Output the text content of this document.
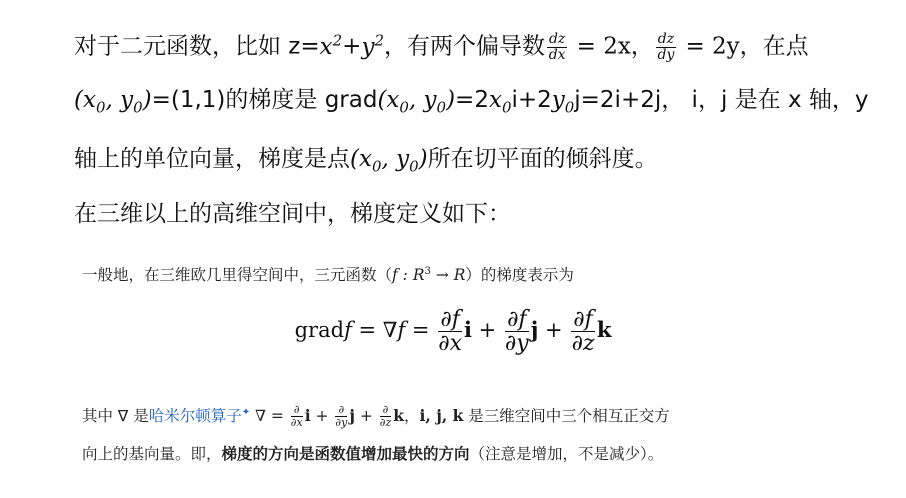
对于二元函数，比如 $z=x^2+y^2$，有两个偏导数 $\frac{dz}{dx} = 2x$， $\frac{dz}{dy} = 2y$，在点
($x_0$, $y_0)=(1,1)$的梯度是 $grad(x_0$, $y_0)=2x_0i+2y_0j=2i+2j$， i，j 是在 x 轴，y
轴上的单位向量，梯度是点($x_0$, $y_0$)所在切平面的倾斜度。
在三维以上的高维空间中，梯度定义如下：
一般地，在三维欧几里得空间中，三元函数（f : $R^3 \to R$）的梯度表示为
gradf = $\nabla f = \frac{\partial f}{\partial x}$ $i + \frac{\partial f}{\partial y}$ $j + \frac{\partial f}{\partial z}$ k
其中 ∇ 是哈米尔顿算子✦ ∇ = $\frac{\partial}{\partial x}$ $i + \frac{\partial}{\partial y}$ $j + \frac{\partial}{\partial z}$ k，i, j, k 是三维空间中三个相互正交方
向上的基向量。即，梯度的方向是函数值增加最快的方向（注意是增加，不是减少）。
